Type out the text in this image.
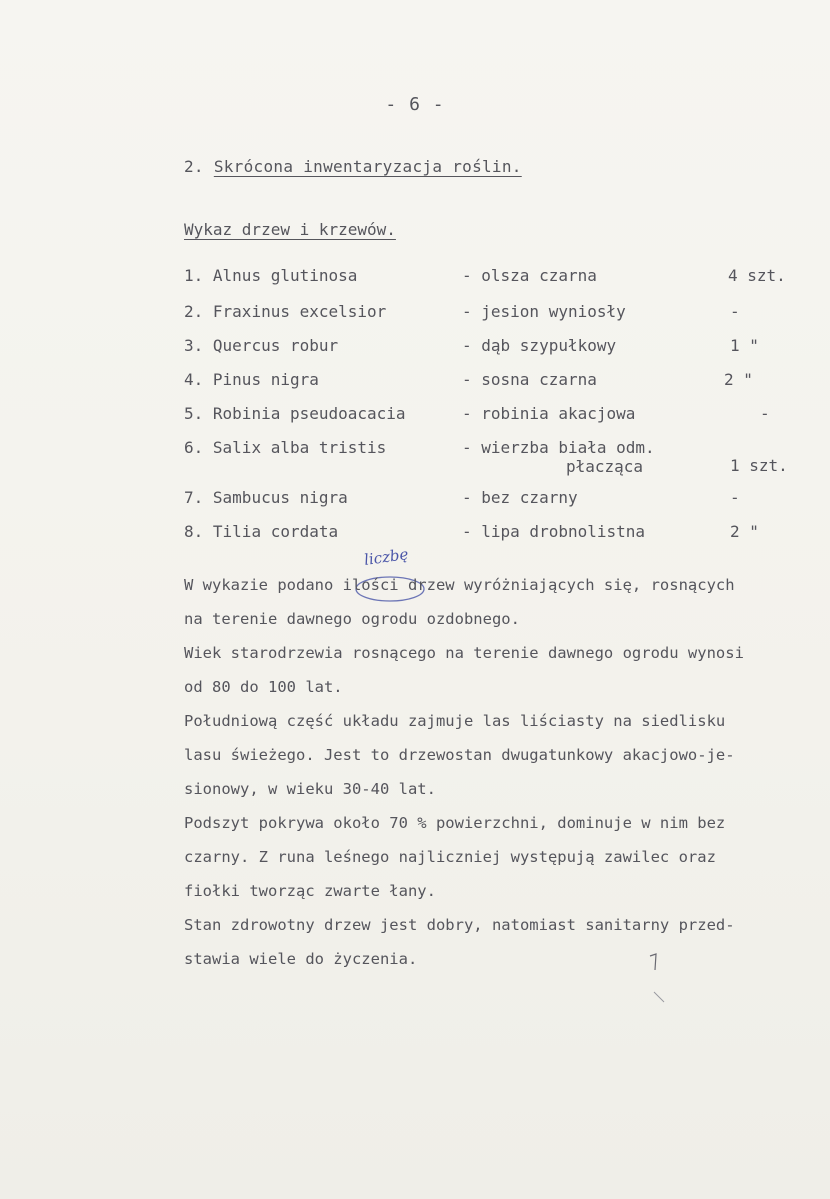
- 6 -
2. Skrócona inwentaryzacja roślin.
Wykaz drzew i krzewów.
1. Alnus glutinosa	- olsza czarna	4 szt.
2. Fraxinus excelsior	- jesion wyniosły	-
3. Quercus robur	- dąb szypułkowy	1 "
4. Pinus nigra	- sosna czarna	2 "
5. Robinia pseudoacacia	- robinia akacjowa	-
6. Salix alba tristis	- wierzba biała odm.
płacząca	1 szt.
7. Sambucus nigra	- bez czarny	-
8. Tilia cordata	- lipa drobnolistna	2 "
liczbę
W wykazie podano ilości drzew wyróżniających się, rosnących
na terenie dawnego ogrodu ozdobnego.
Wiek starodrzewia rosnącego na terenie dawnego ogrodu wynosi
od 80 do 100 lat.
Południową część układu zajmuje las liściasty na siedlisku
lasu świeżego. Jest to drzewostan dwugatunkowy akacjowo-je-
sionowy, w wieku 30-40 lat.
Podszyt pokrywa około 70 % powierzchni, dominuje w nim bez
czarny. Z runa leśnego najliczniej występują zawilec oraz
fiołki tworząc zwarte łany.
Stan zdrowotny drzew jest dobry, natomiast sanitarny przed-
stawia wiele do życzenia.
